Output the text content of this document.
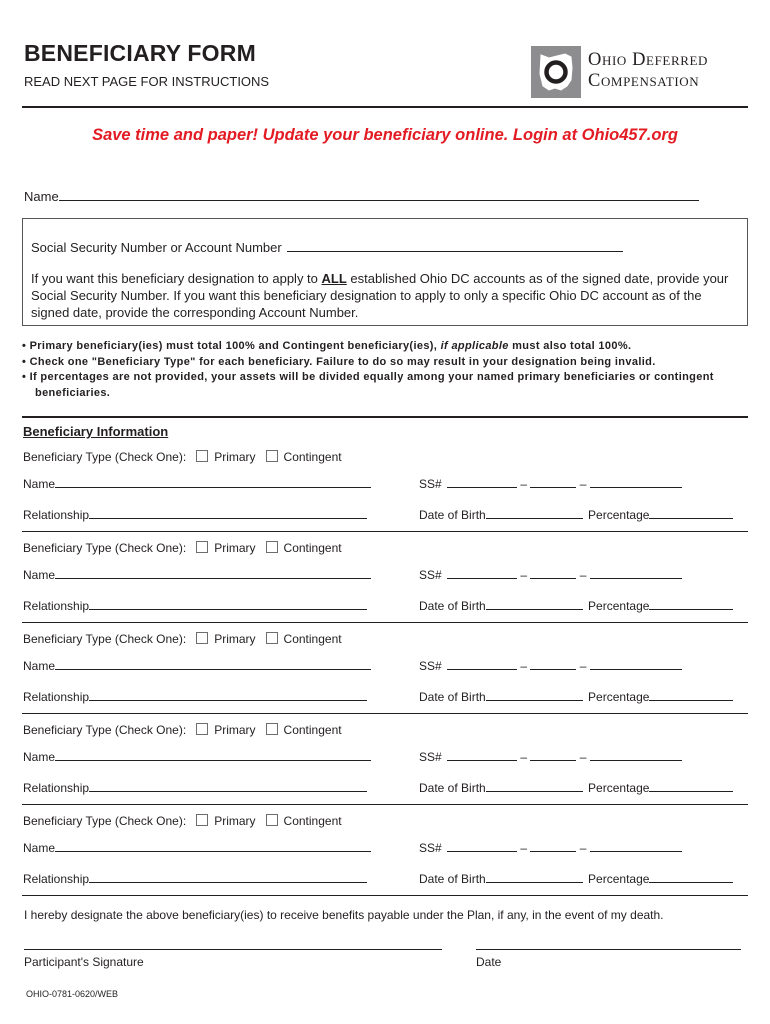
BENEFICIARY FORM
READ NEXT PAGE FOR INSTRUCTIONS
Ohio Deferred
Compensation
Save time and paper! Update your beneficiary online. Login at Ohio457.org
Name
Social Security Number or Account Number
If you want this beneficiary designation to apply to ALL established Ohio DC accounts as of the signed date, provide your Social Security Number. If you want this beneficiary designation to apply to only a specific Ohio DC account as of the signed date, provide the corresponding Account Number.
• Primary beneficiary(ies) must total 100% and Contingent beneficiary(ies), if applicable must also total 100%.
• Check one "Beneficiary Type" for each beneficiary. Failure to do so may result in your designation being invalid.
• If percentages are not provided, your assets will be divided equally among your named primary beneficiaries or contingent beneficiaries.
Beneficiary Information
Beneficiary Type (Check One): Primary Contingent
Name	SS#	–	–
Relationship	Date of Birth	Percentage
Beneficiary Type (Check One): Primary Contingent
Name	SS#	–	–
Relationship	Date of Birth	Percentage
Beneficiary Type (Check One): Primary Contingent
Name	SS#	–	–
Relationship	Date of Birth	Percentage
Beneficiary Type (Check One): Primary Contingent
Name	SS#	–	–
Relationship	Date of Birth	Percentage
Beneficiary Type (Check One): Primary Contingent
Name	SS#	–	–
Relationship	Date of Birth	Percentage
I hereby designate the above beneficiary(ies) to receive benefits payable under the Plan, if any, in the event of my death.
Participant's Signature	Date
OHIO-0781-0620/WEB
